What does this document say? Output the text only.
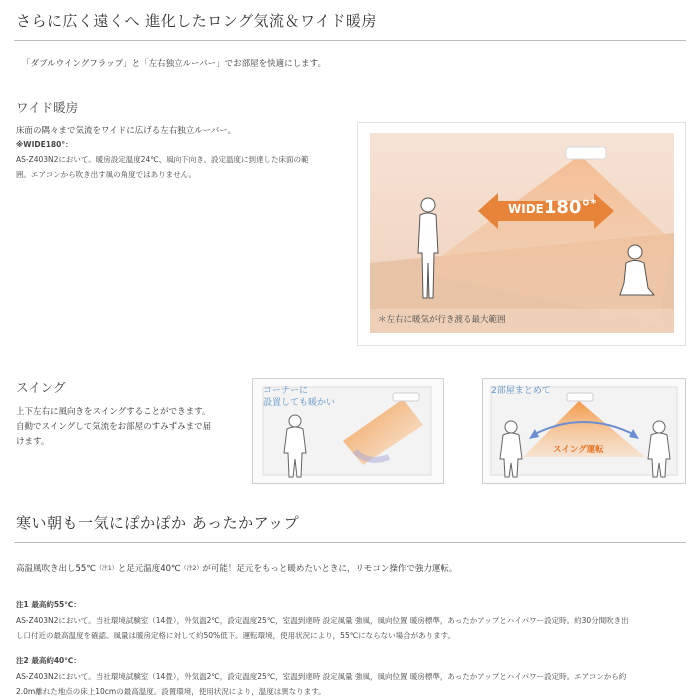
さらに広く遠くへ 進化したロング気流＆ワイド暖房
「ダブルウイングフラップ」と「左右独立ルーバー」でお部屋を快適にします。
ワイド暖房
床面の隅々まで気流をワイドに広げる左右独立ルーバー。
※WIDE180°：
AS-Z403N2において。暖房設定温度24℃、風向下向き。設定温度に到達した床面の範
囲。エアコンから吹き出す風の角度ではありません。
WIDE180°*
＊左右に暖気が行き渡る最大範囲
スイング
上下左右に風向きをスイングすることができます。
自動でスイングして気流をお部屋のすみずみまで届
けます。
コーナーに
設置しても暖かい
2部屋まとめて
スイング運転
寒い朝も一気にぽかぽか あったかアップ
高温風吹き出し55℃$^{(注1)}$と足元温度40℃$^{(注2)}$が可能！足元をもっと暖めたいときに，リモコン操作で強力運転。
注1 最高約55℃：
AS-Z403N2において。当社環境試験室（14畳），外気温2℃，設定温度25℃，室温到達時 設定風量 強風，風向位置 暖房標準，あったかアップとハイパワー設定時。約30分間吹き出
し口付近の最高温度を確認。風量は暖房定格に対して約50%低下。運転環境，使用状況により，55℃にならない場合があります。
注2 最高約40℃：
AS-Z403N2において。当社環境試験室（14畳），外気温2℃，設定温度25℃，室温到達時 設定風量 強風，風向位置 暖房標準，あったかアップとハイパワー設定時。エアコンから約
2.0m離れた地点の床上10cmの最高温度。設置環境，使用状況により，温度は異なります。
